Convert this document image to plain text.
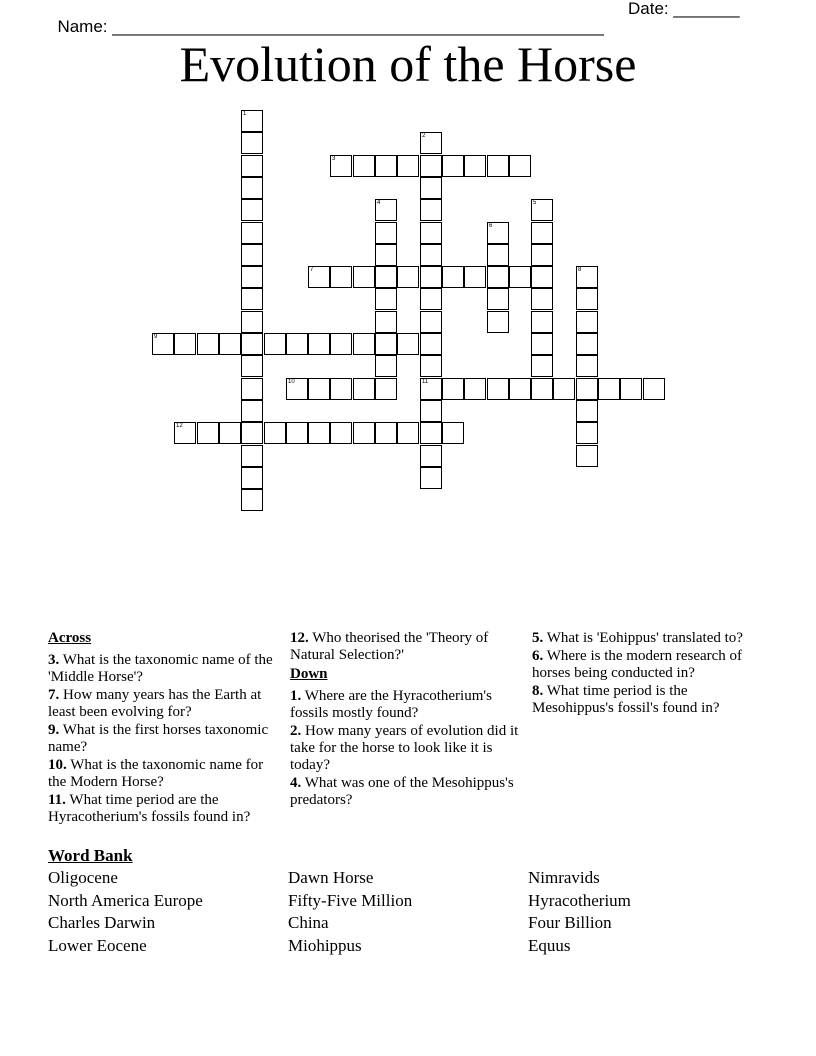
Name: ____________________________________________________

Date: _______

Evolution of the Horse
1
2
11
3
4	5
6
7	8
9
10
12
Across
3. What is the taxonomic name of the 'Middle Horse'?
7. How many years has the Earth at least been evolving for?
9. What is the first horses taxonomic name?
10. What is the taxonomic name for the Modern Horse?
11. What time period are the Hyracotherium's fossils found in?
12. Who theorised the 'Theory of Natural Selection?'
Down
1. Where are the Hyracotherium's fossils mostly found?
2. How many years of evolution did it take for the horse to look like it is today?
4. What was one of the Mesohippus's predators?
5. What is 'Eohippus' translated to?
6. Where is the modern research of horses being conducted in?
8. What time period is the Mesohippus's fossil's found in?
Word Bank
Oligocene	Dawn Horse	Nimravids
North America Europe	Fifty-Five Million	Hyracotherium
Charles Darwin	China	Four Billion
Lower Eocene	Miohippus	Equus
